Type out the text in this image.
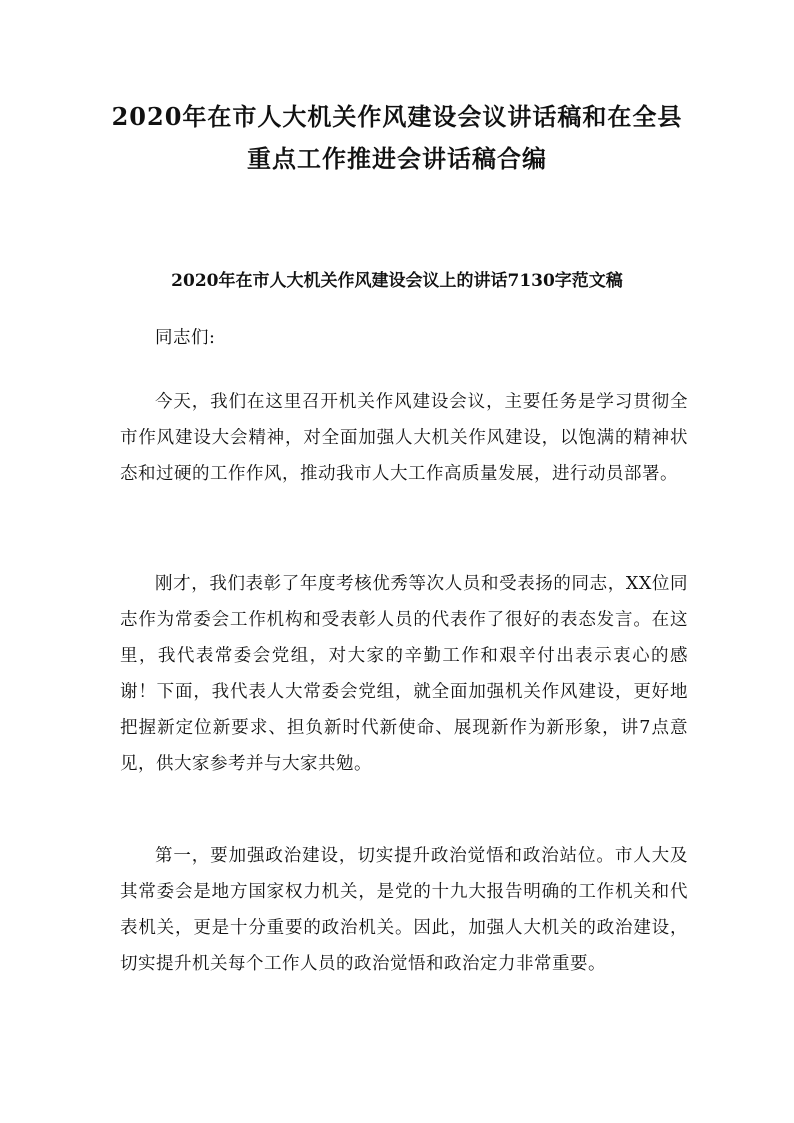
2020年在市人大机关作风建设会议讲话稿和在全县
重点工作推进会讲话稿合编
2020年在市人大机关作风建设会议上的讲话7130字范文稿

同志们:

今天，我们在这里召开机关作风建设会议，主要任务是学习贯彻全市作风建设大会精神，对全面加强人大机关作风建设，以饱满的精神状态和过硬的工作作风，推动我市人大工作高质量发展，进行动员部署。

刚才，我们表彰了年度考核优秀等次人员和受表扬的同志，XX位同志作为常委会工作机构和受表彰人员的代表作了很好的表态发言。在这里，我代表常委会党组，对大家的辛勤工作和艰辛付出表示衷心的感谢！下面，我代表人大常委会党组，就全面加强机关作风建设，更好地把握新定位新要求、担负新时代新使命、展现新作为新形象，讲7点意见，供大家参考并与大家共勉。

第一，要加强政治建设，切实提升政治觉悟和政治站位。市人大及其常委会是地方国家权力机关，是党的十九大报告明确的工作机关和代表机关，更是十分重要的政治机关。因此，加强人大机关的政治建设，切实提升机关每个工作人员的政治觉悟和政治定力非常重要。
